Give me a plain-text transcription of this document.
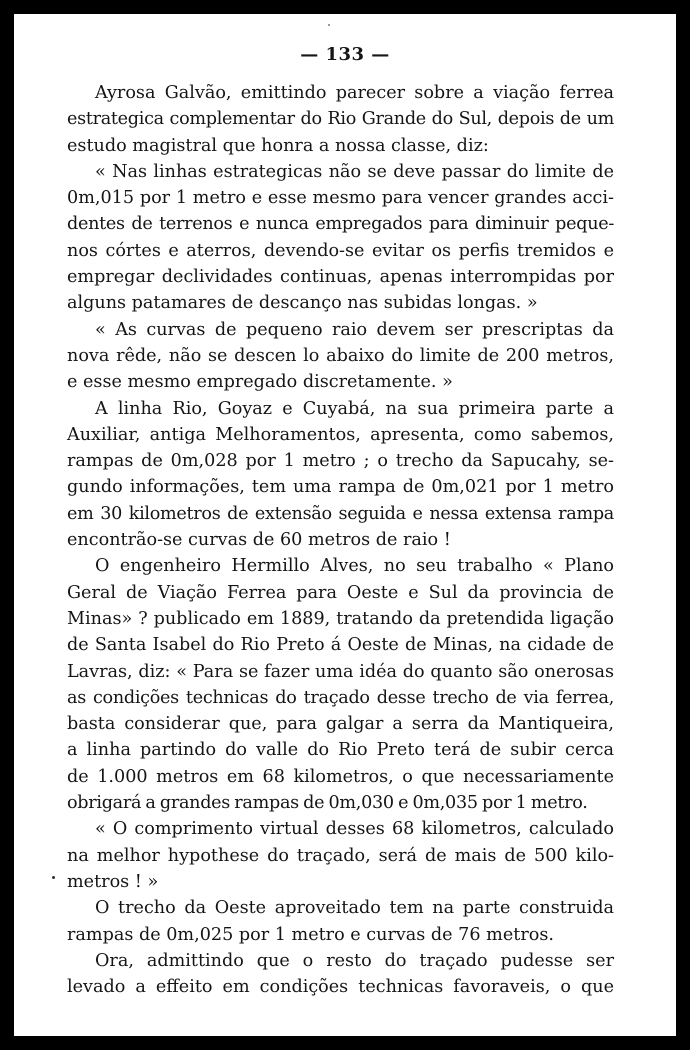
— 133 —
Ayrosa Galvão, emittindo parecer sobre a viação ferrea
estrategica complementar do Rio Grande do Sul, depois de um
estudo magistral que honra a nossa classe, diz:
« Nas linhas estrategicas não se deve passar do limite de
0m,015 por 1 metro e esse mesmo para vencer grandes acci-
dentes de terrenos e nunca empregados para diminuir peque-
nos córtes e aterros, devendo-se evitar os perfis tremidos e
empregar declividades continuas, apenas interrompidas por
alguns patamares de descanço nas subidas longas. »
« As curvas de pequeno raio devem ser prescriptas da
nova rêde, não se descen lo abaixo do limite de 200 metros,
e esse mesmo empregado discretamente. »
A linha Rio, Goyaz e Cuyabá, na sua primeira parte a
Auxiliar, antiga Melhoramentos, apresenta, como sabemos,
rampas de 0m,028 por 1 metro ; o trecho da Sapucahy, se-
gundo informações, tem uma rampa de 0m,021 por 1 metro
em 30 kilometros de extensão seguida e nessa extensa rampa
encontrão-se curvas de 60 metros de raio !
O engenheiro Hermillo Alves, no seu trabalho « Plano
Geral de Viação Ferrea para Oeste e Sul da provincia de
Minas» ? publicado em 1889, tratando da pretendida ligação
de Santa Isabel do Rio Preto á Oeste de Minas, na cidade de
Lavras, diz: « Para se fazer uma idéa do quanto são onerosas
as condições technicas do traçado desse trecho de via ferrea,
basta considerar que, para galgar a serra da Mantiqueira,
a linha partindo do valle do Rio Preto terá de subir cerca
de 1.000 metros em 68 kilometros, o que necessariamente
obrigará a grandes rampas de 0m,030 e 0m,035 por 1 metro.
« O comprimento virtual desses 68 kilometros, calculado
na melhor hypothese do traçado, será de mais de 500 kilo-
metros ! »
O trecho da Oeste aproveitado tem na parte construida
rampas de 0m,025 por 1 metro e curvas de 76 metros.
Ora, admittindo que o resto do traçado pudesse ser
levado a effeito em condições technicas favoraveis, o que
